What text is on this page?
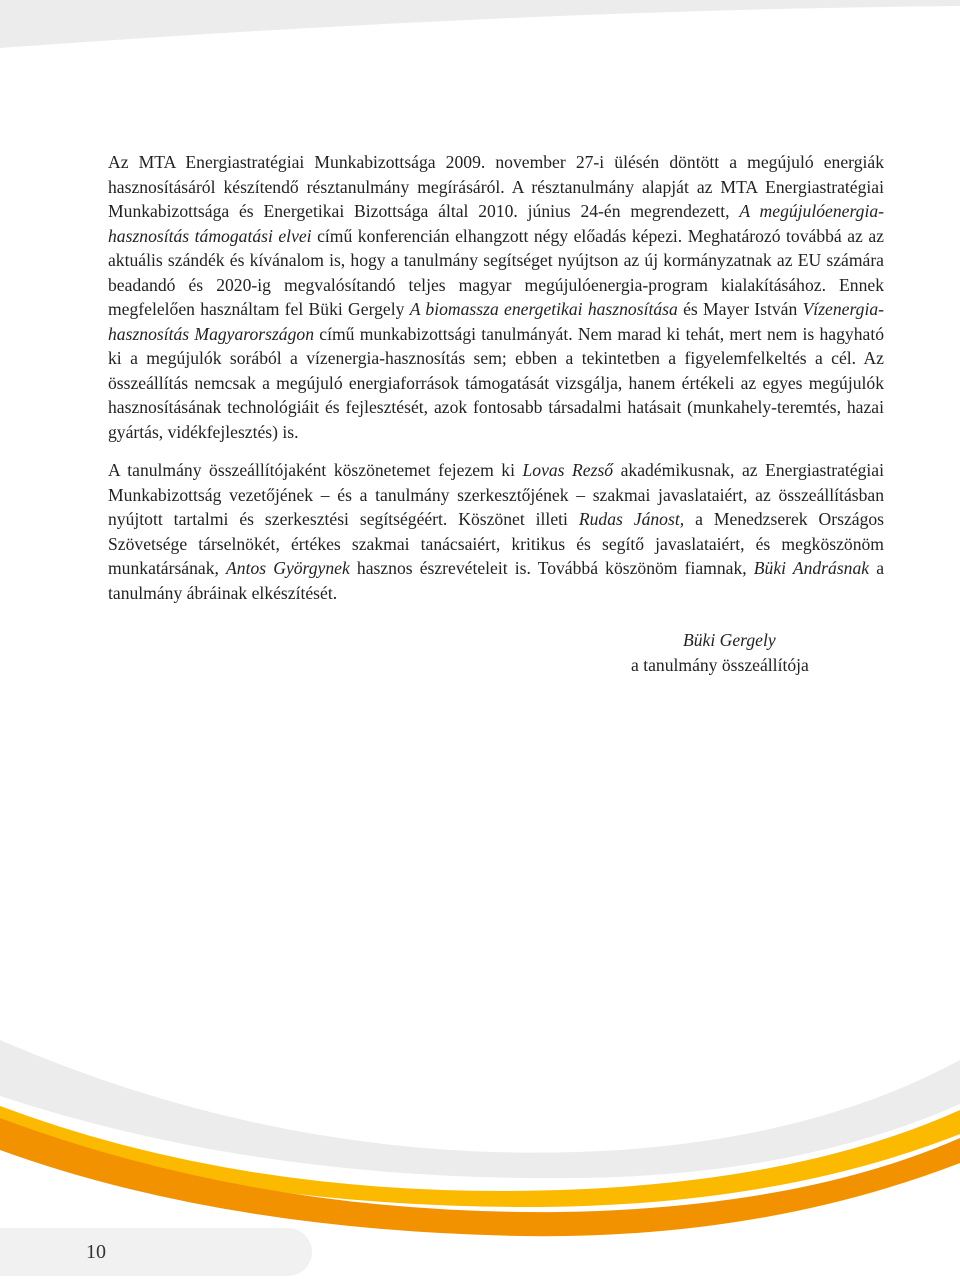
Az MTA Energiastratégiai Munkabizottsága 2009. november 27-i ülésén döntött a megújuló energiák hasznosításáról készítendő résztanulmány megírásáról. A résztanulmány alapját az MTA Energiastratégiai Munkabizottsága és Energetikai Bizottsága által 2010. június 24-én megrendezett, A megújulóenergia-hasznosítás támogatási elvei című konferencián elhangzott négy előadás képezi. Meghatározó továbbá az az aktuális szándék és kívánalom is, hogy a tanulmány segítséget nyújtson az új kormányzatnak az EU számára beadandó és 2020-ig megvalósítandó teljes magyar megújulóenergia-program kialakításához. Ennek megfelelően használtam fel Büki Gergely A biomassza energetikai hasznosítása és Mayer István Vízenergia-hasznosítás Magyarországon című munkabizottsági tanulmányát. Nem marad ki tehát, mert nem is hagyható ki a megújulók sorából a vízenergia-hasznosítás sem; ebben a tekintetben a figyelemfelkeltés a cél. Az összeállítás nemcsak a megújuló energiaforrások támogatását vizsgálja, hanem értékeli az egyes megújulók hasznosításának technológiáit és fejlesztését, azok fontosabb társadalmi hatásait (munkahely-teremtés, hazai gyártás, vidékfejlesztés) is.

A tanulmány összeállítójaként köszönetemet fejezem ki Lovas Rezső akadémikusnak, az Energiastratégiai Munkabizottság vezetőjének – és a tanulmány szerkesztőjének – szakmai javaslataiért, az összeállításban nyújtott tartalmi és szerkesztési segítségéért. Köszönet illeti Rudas Jánost, a Menedzserek Országos Szövetsége társelnökét, értékes szakmai tanácsaiért, kritikus és segítő javaslataiért, és megköszönöm munkatársának, Antos Györgynek hasznos észrevételeit is. Továbbá köszönöm fiamnak, Büki Andrásnak a tanulmány ábráinak elkészítését.

Büki Gergely
a tanulmány összeállítója
10
